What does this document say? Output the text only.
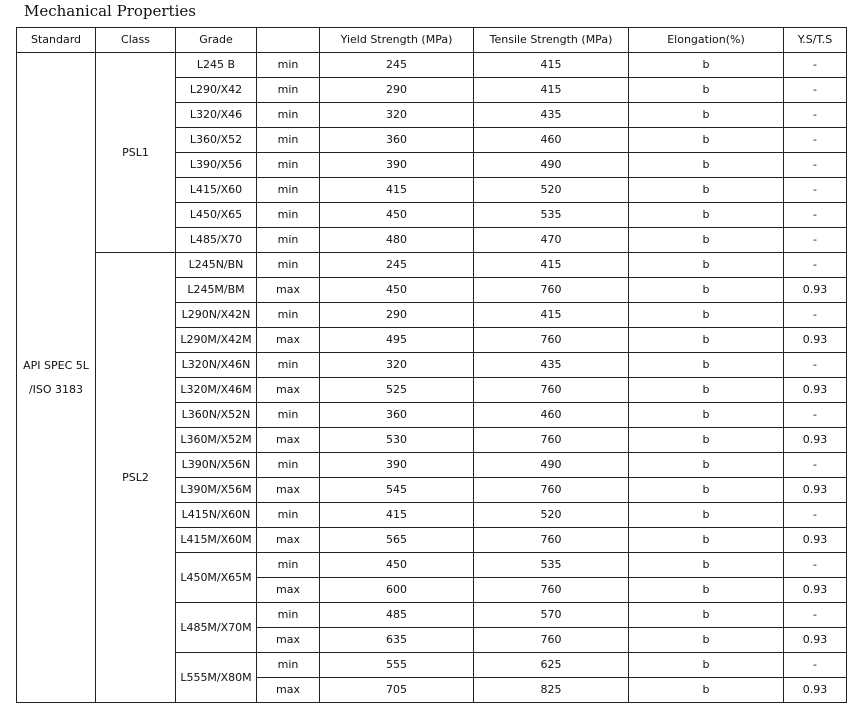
Mechanical Properties
Standard	Class	Grade		Yield Strength (MPa)	Tensile Strength (MPa)	Elongation(%)	Y.S/T.S

API SPEC 5L
/ISO 3183	PSL1	L245 B	min	245	415	b	-
		L290/X42	min	290	415	b	-
		L320/X46	min	320	435	b	-
		L360/X52	min	360	460	b	-
		L390/X56	min	390	490	b	-
		L415/X60	min	415	520	b	-
		L450/X65	min	450	535	b	-
		L485/X70	min	480	470	b	-
	PSL2	L245N/BN	min	245	415	b	-
		L245M/BM	max	450	760	b	0.93
		L290N/X42N	min	290	415	b	-
		L290M/X42M	max	495	760	b	0.93
		L320N/X46N	min	320	435	b	-
		L320M/X46M	max	525	760	b	0.93
		L360N/X52N	min	360	460	b	-
		L360M/X52M	max	530	760	b	0.93
		L390N/X56N	min	390	490	b	-
		L390M/X56M	max	545	760	b	0.93
		L415N/X60N	min	415	520	b	-
		L415M/X60M	max	565	760	b	0.93
		L450M/X65M	min	450	535	b	-
			max	600	760	b	0.93
		L485M/X70M	min	485	570	b	-
			max	635	760	b	0.93
		L555M/X80M	min	555	625	b	-
			max	705	825	b	0.93
